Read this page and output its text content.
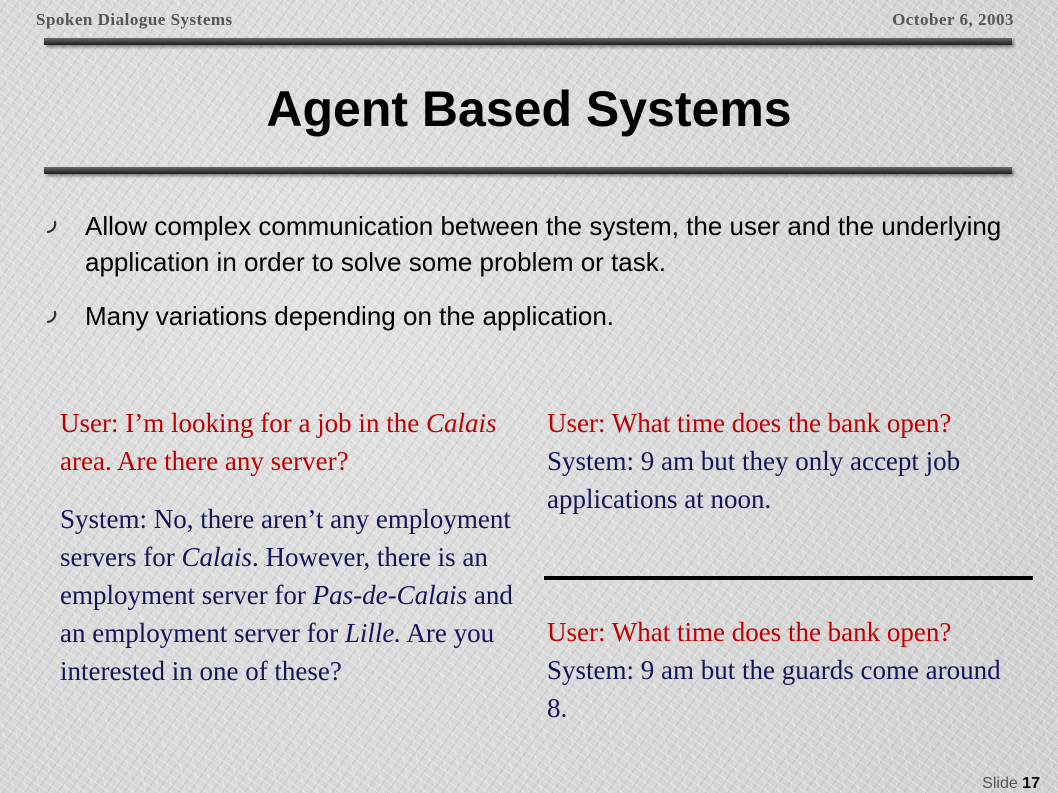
Spoken Dialogue Systems	October 6, 2003
Agent Based Systems
Allow complex communication between the system, the user and the underlying application in order to solve some problem or task.
Many variations depending on the application.

User: I’m looking for a job in the Calais area. Are there any server?

System: No, there aren’t any employment servers for Calais. However, there is an employment server for Pas-de-Calais and an employment server for Lille. Are you interested in one of these?

User: What time does the bank open?

System: 9 am but they only accept job applications at noon.

User: What time does the bank open?

System: 9 am but the guards come around 8.

Slide 17
